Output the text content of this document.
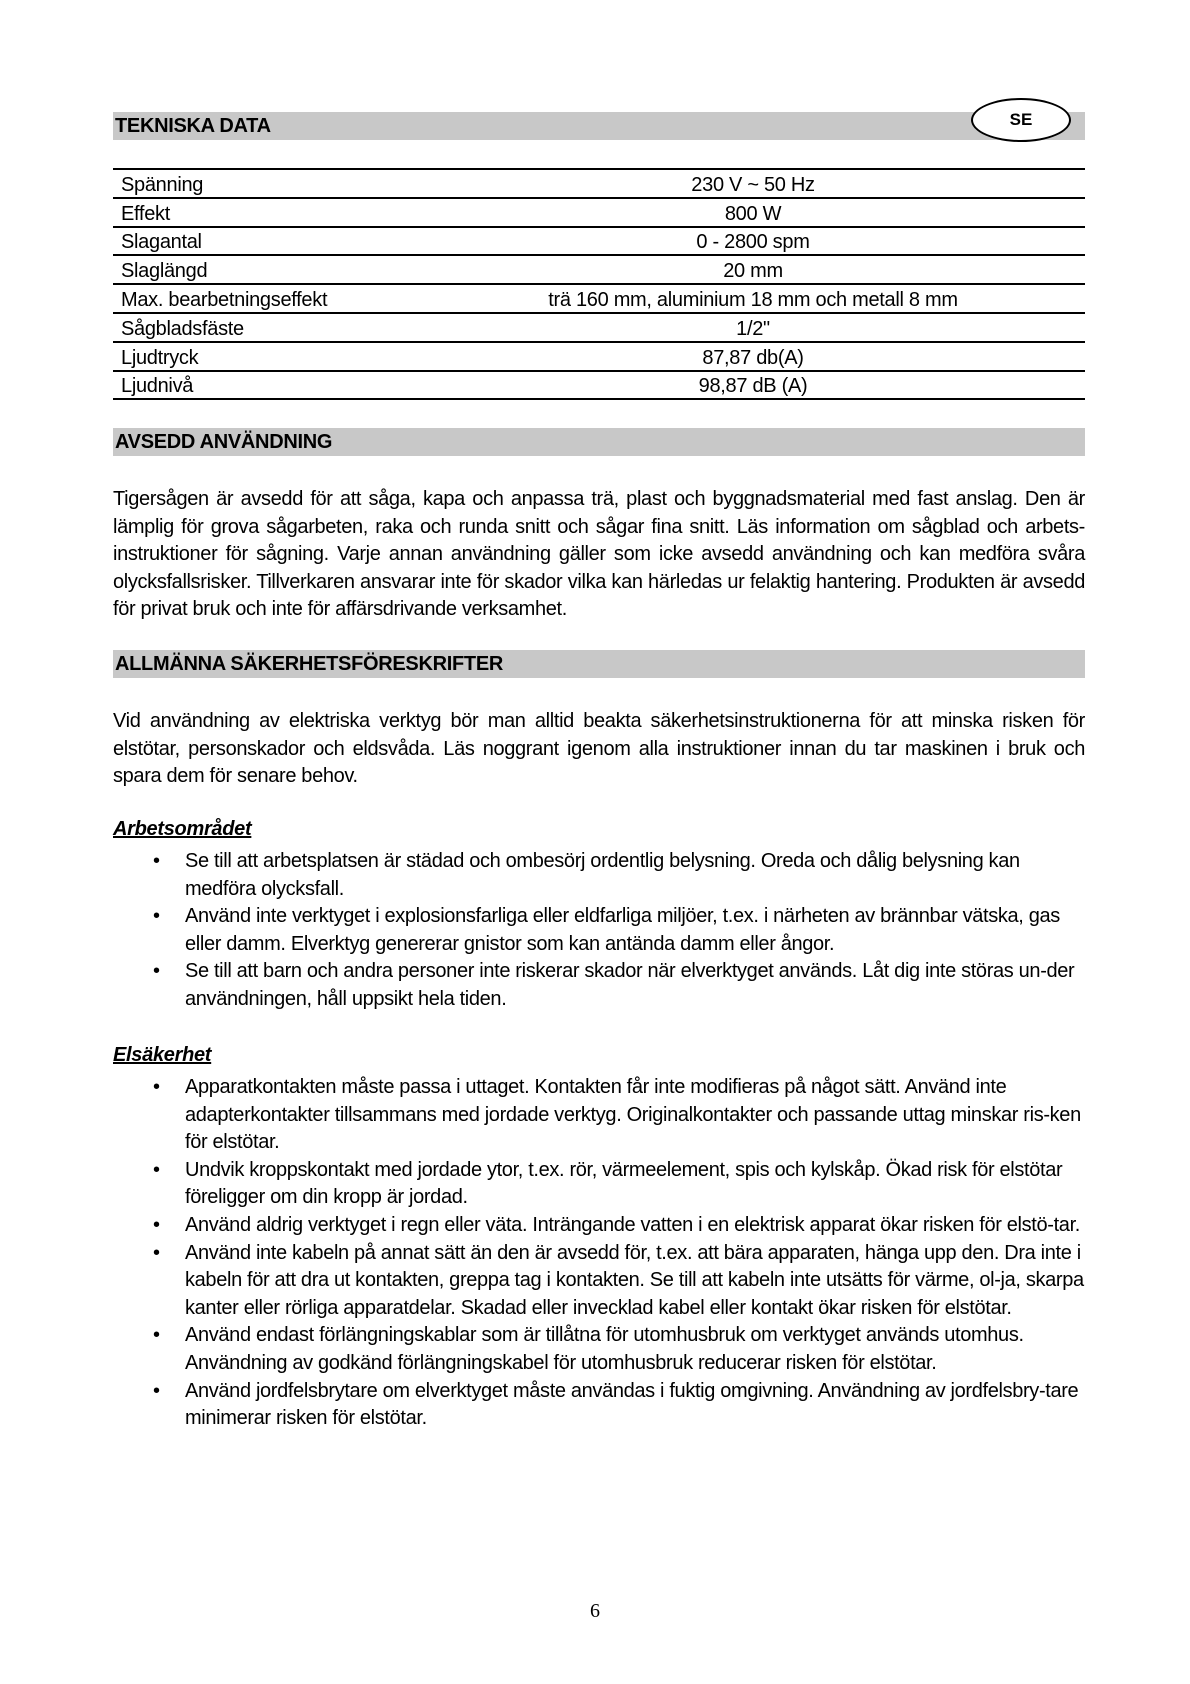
TEKNISKA DATA	SE
Spänning	230 V ~ 50 Hz
Effekt	800 W
Slagantal	0 - 2800 spm
Slaglängd	20 mm
Max. bearbetningseffekt	trä 160 mm, aluminium 18 mm och metall 8 mm
Sågbladsfäste	1/2"
Ljudtryck	87,87 db(A)
Ljudnivå	98,87 dB (A)
AVSEDD ANVÄNDNING
Tigersågen är avsedd för att såga, kapa och anpassa trä, plast och byggnadsmaterial med fast anslag. Den är lämplig för grova sågarbeten, raka och runda snitt och sågar fina snitt. Läs information om sågblad och arbets-instruktioner för sågning. Varje annan användning gäller som icke avsedd användning och kan medföra svåra olycksfallsrisker. Tillverkaren ansvarar inte för skador vilka kan härledas ur felaktig hantering. Produkten är avsedd för privat bruk och inte för affärsdrivande verksamhet.
ALLMÄNNA SÄKERHETSFÖRESKRIFTER
Vid användning av elektriska verktyg bör man alltid beakta säkerhetsinstruktionerna för att minska risken för elstötar, personskador och eldsvåda. Läs noggrant igenom alla instruktioner innan du tar maskinen i bruk och spara dem för senare behov.
Arbetsområdet
• Se till att arbetsplatsen är städad och ombesörj ordentlig belysning. Oreda och dålig belysning kan medföra olycksfall.
• Använd inte verktyget i explosionsfarliga eller eldfarliga miljöer, t.ex. i närheten av brännbar vätska, gas eller damm. Elverktyg genererar gnistor som kan antända damm eller ångor.
• Se till att barn och andra personer inte riskerar skador när elverktyget används. Låt dig inte störas un-der användningen, håll uppsikt hela tiden.
Elsäkerhet
• Apparatkontakten måste passa i uttaget. Kontakten får inte modifieras på något sätt. Använd inte adapterkontakter tillsammans med jordade verktyg. Originalkontakter och passande uttag minskar ris-ken för elstötar.
• Undvik kroppskontakt med jordade ytor, t.ex. rör, värmeelement, spis och kylskåp. Ökad risk för elstötar föreligger om din kropp är jordad.
• Använd aldrig verktyget i regn eller väta. Inträngande vatten i en elektrisk apparat ökar risken för elstö-tar.
• Använd inte kabeln på annat sätt än den är avsedd för, t.ex. att bära apparaten, hänga upp den. Dra inte i kabeln för att dra ut kontakten, greppa tag i kontakten. Se till att kabeln inte utsätts för värme, ol-ja, skarpa kanter eller rörliga apparatdelar. Skadad eller invecklad kabel eller kontakt ökar risken för elstötar.
• Använd endast förlängningskablar som är tillåtna för utomhusbruk om verktyget används utomhus. Användning av godkänd förlängningskabel för utomhusbruk reducerar risken för elstötar.
• Använd jordfelsbrytare om elverktyget måste användas i fuktig omgivning. Användning av jordfelsbry-tare minimerar risken för elstötar.
6
